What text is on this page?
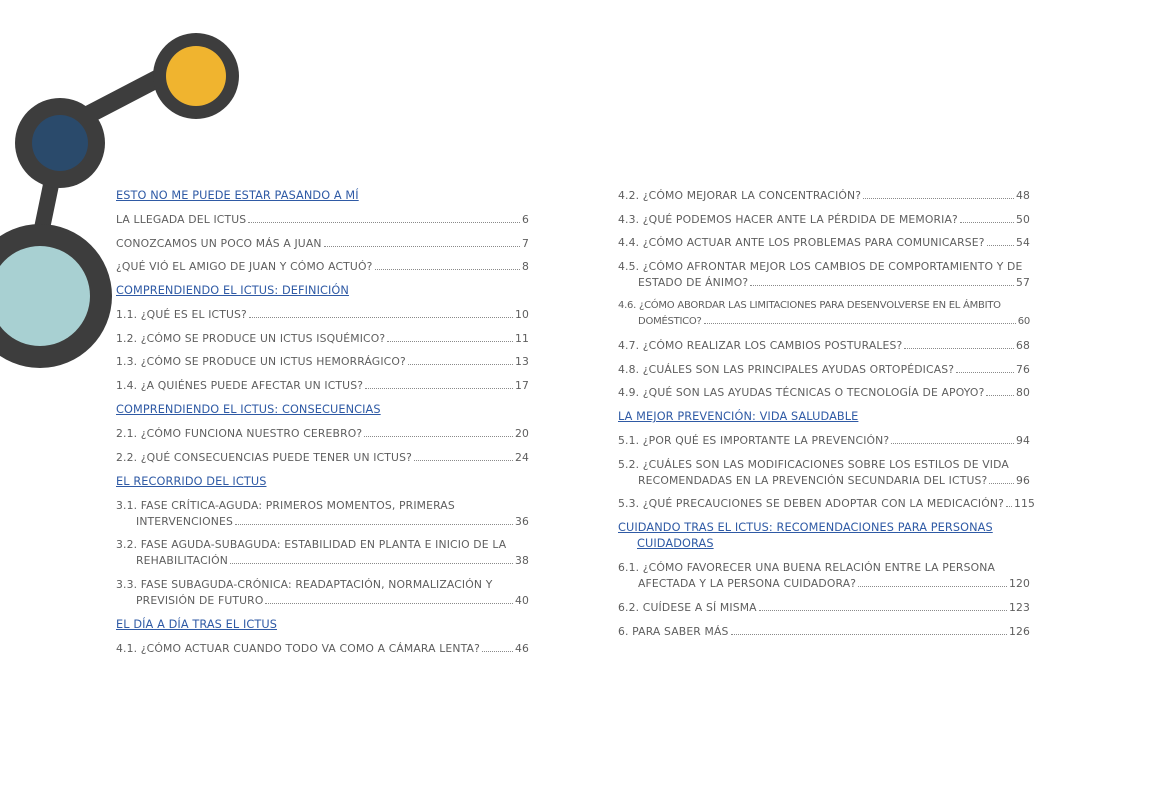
ESTO NO ME PUEDE ESTAR PASANDO A MÍ

LA LLEGADA DEL ICTUS	6

CONOZCAMOS UN POCO MÁS A JUAN	7

¿QUÉ VIÓ EL AMIGO DE JUAN Y CÓMO ACTUÓ?	8

COMPRENDIENDO EL ICTUS: DEFINICIÓN

1.1. ¿QUÉ ES EL ICTUS?	10

1.2. ¿CÓMO SE PRODUCE UN ICTUS ISQUÉMICO?	11

1.3. ¿CÓMO SE PRODUCE UN ICTUS HEMORRÁGICO?	13

1.4. ¿A QUIÉNES PUEDE AFECTAR UN ICTUS?	17

COMPRENDIENDO EL ICTUS: CONSECUENCIAS

2.1. ¿CÓMO FUNCIONA NUESTRO CEREBRO?	20

2.2. ¿QUÉ CONSECUENCIAS PUEDE TENER UN ICTUS?	24

EL RECORRIDO DEL ICTUS

3.1. FASE CRÍTICA-AGUDA: PRIMEROS MOMENTOS, PRIMERAS
INTERVENCIONES	36

3.2. FASE AGUDA-SUBAGUDA: ESTABILIDAD EN PLANTA E INICIO DE LA
REHABILITACIÓN	38

3.3. FASE SUBAGUDA-CRÓNICA: READAPTACIÓN, NORMALIZACIÓN Y
PREVISIÓN DE FUTURO	40

EL DÍA A DÍA TRAS EL ICTUS

4.1. ¿CÓMO ACTUAR CUANDO TODO VA COMO A CÁMARA LENTA?	46

4.2. ¿CÓMO MEJORAR LA CONCENTRACIÓN?	48

4.3. ¿QUÉ PODEMOS HACER ANTE LA PÉRDIDA DE MEMORIA?	50

4.4. ¿CÓMO ACTUAR ANTE LOS PROBLEMAS PARA COMUNICARSE?	54

4.5. ¿CÓMO AFRONTAR MEJOR LOS CAMBIOS DE COMPORTAMIENTO Y DE
ESTADO DE ÁNIMO?	57

4.6. ¿CÓMO ABORDAR LAS LIMITACIONES PARA DESENVOLVERSE EN EL ÁMBITO
DOMÉSTICO?	60

4.7. ¿CÓMO REALIZAR LOS CAMBIOS POSTURALES?	68

4.8. ¿CUÁLES SON LAS PRINCIPALES AYUDAS ORTOPÉDICAS?	76

4.9. ¿QUÉ SON LAS AYUDAS TÉCNICAS O TECNOLOGÍA DE APOYO?	80

LA MEJOR PREVENCIÓN: VIDA SALUDABLE

5.1. ¿POR QUÉ ES IMPORTANTE LA PREVENCIÓN?	94

5.2. ¿CUÁLES SON LAS MODIFICACIONES SOBRE LOS ESTILOS DE VIDA
RECOMENDADAS EN LA PREVENCIÓN SECUNDARIA DEL ICTUS?	96

5.3. ¿QUÉ PRECAUCIONES SE DEBEN ADOPTAR CON LA MEDICACIÓN? 115

CUIDANDO TRAS EL ICTUS: RECOMENDACIONES PARA PERSONAS CUIDADORAS

6.1. ¿CÓMO FAVORECER UNA BUENA RELACIÓN ENTRE LA PERSONA
AFECTADA Y LA PERSONA CUIDADORA?	120

6.2. CUÍDESE A SÍ MISMA	123

6. PARA SABER MÁS	126
